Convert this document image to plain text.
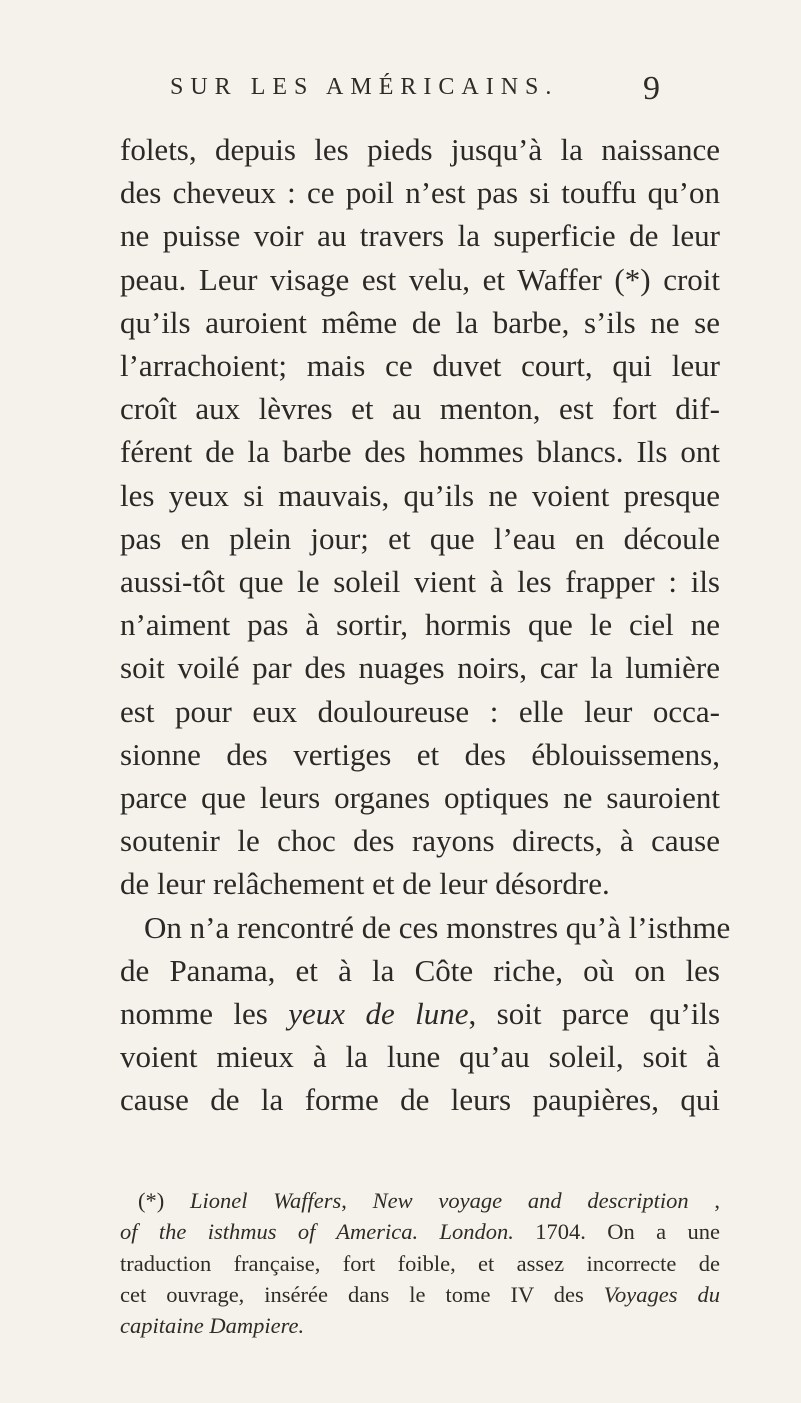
SUR LES AMÉRICAINS.	9
folets, depuis les pieds jusqu’à la naissance
des cheveux : ce poil n’est pas si touffu qu’on
ne puisse voir au travers la superficie de leur
peau. Leur visage est velu, et Waffer (*) croit
qu’ils auroient même de la barbe, s’ils ne se
l’arrachoient; mais ce duvet court, qui leur
croît aux lèvres et au menton, est fort dif-
férent de la barbe des hommes blancs. Ils ont
les yeux si mauvais, qu’ils ne voient presque
pas en plein jour; et que l’eau en découle
aussi-tôt que le soleil vient à les frapper : ils
n’aiment pas à sortir, hormis que le ciel ne
soit voilé par des nuages noirs, car la lumière
est pour eux douloureuse : elle leur occa-
sionne des vertiges et des éblouissemens,
parce que leurs organes optiques ne sauroient
soutenir le choc des rayons directs, à cause
de leur relâchement et de leur désordre.
On n’a rencontré de ces monstres qu’à l’isthme
de Panama, et à la Côte riche, où on les
nomme les yeux de lune, soit parce qu’ils
voient mieux à la lune qu’au soleil, soit à
cause de la forme de leurs paupières, qui
(*) Lionel Waffers, New voyage and description ,
of the isthmus of America. London. 1704. On a une
traduction française, fort foible, et assez incorrecte de
cet ouvrage, insérée dans le tome IV des Voyages du
capitaine Dampiere.
